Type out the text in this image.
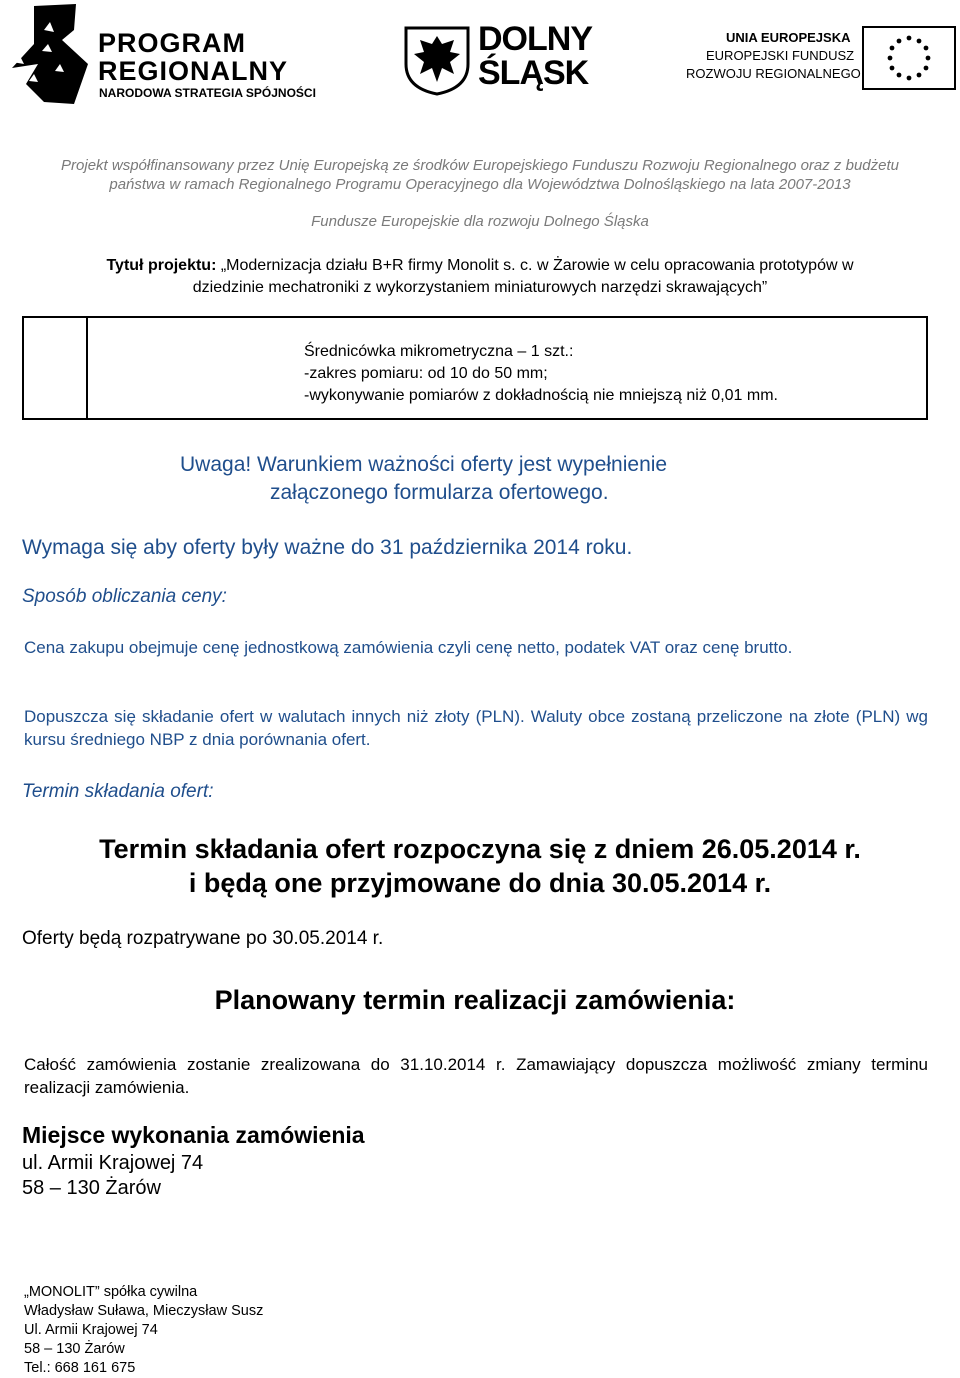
PROGRAM
REGIONALNY
NARODOWA STRATEGIA SPÓJNOŚCI
DOLNY
ŚLĄSK
UNIA EUROPEJSKA
EUROPEJSKI FUNDUSZ
ROZWOJU REGIONALNEGO
Projekt współfinansowany przez Unię Europejską ze środków Europejskiego Funduszu Rozwoju Regionalnego oraz z budżetu
państwa w ramach Regionalnego Programu Operacyjnego dla Województwa Dolnośląskiego na lata 2007-2013
Fundusze Europejskie dla rozwoju Dolnego Śląska
Tytuł projektu: „Modernizacja działu B+R firmy Monolit s. c. w Żarowie w celu opracowania prototypów w
dziedzinie mechatroniki z wykorzystaniem miniaturowych narzędzi skrawających”
Średnicówka mikrometryczna – 1 szt.:
-zakres pomiaru: od 10 do 50 mm;
-wykonywanie pomiarów z dokładnością nie mniejszą niż 0,01 mm.
Uwaga! Warunkiem ważności oferty jest wypełnienie
załączonego formularza ofertowego.
Wymaga się aby oferty były ważne do 31 października 2014 roku.
Sposób obliczania ceny:
Cena zakupu obejmuje cenę jednostkową zamówienia czyli cenę netto, podatek VAT oraz cenę brutto.
Dopuszcza się składanie ofert w walutach innych niż złoty (PLN). Waluty obce zostaną przeliczone na złote (PLN) wg kursu średniego NBP z dnia porównania ofert.
Termin składania ofert:
Termin składania ofert rozpoczyna się z dniem 26.05.2014 r.
i będą one przyjmowane do dnia 30.05.2014 r.
Oferty będą rozpatrywane po 30.05.2014 r.
Planowany termin realizacji zamówienia:
Całość zamówienia zostanie zrealizowana do 31.10.2014 r. Zamawiający dopuszcza możliwość zmiany terminu realizacji zamówienia.
Miejsce wykonania zamówienia
ul. Armii Krajowej 74
58 – 130 Żarów
„MONOLIT” spółka cywilna
Władysław Suława, Mieczysław Susz
Ul. Armii Krajowej 74
58 – 130 Żarów
Tel.: 668 161 675
